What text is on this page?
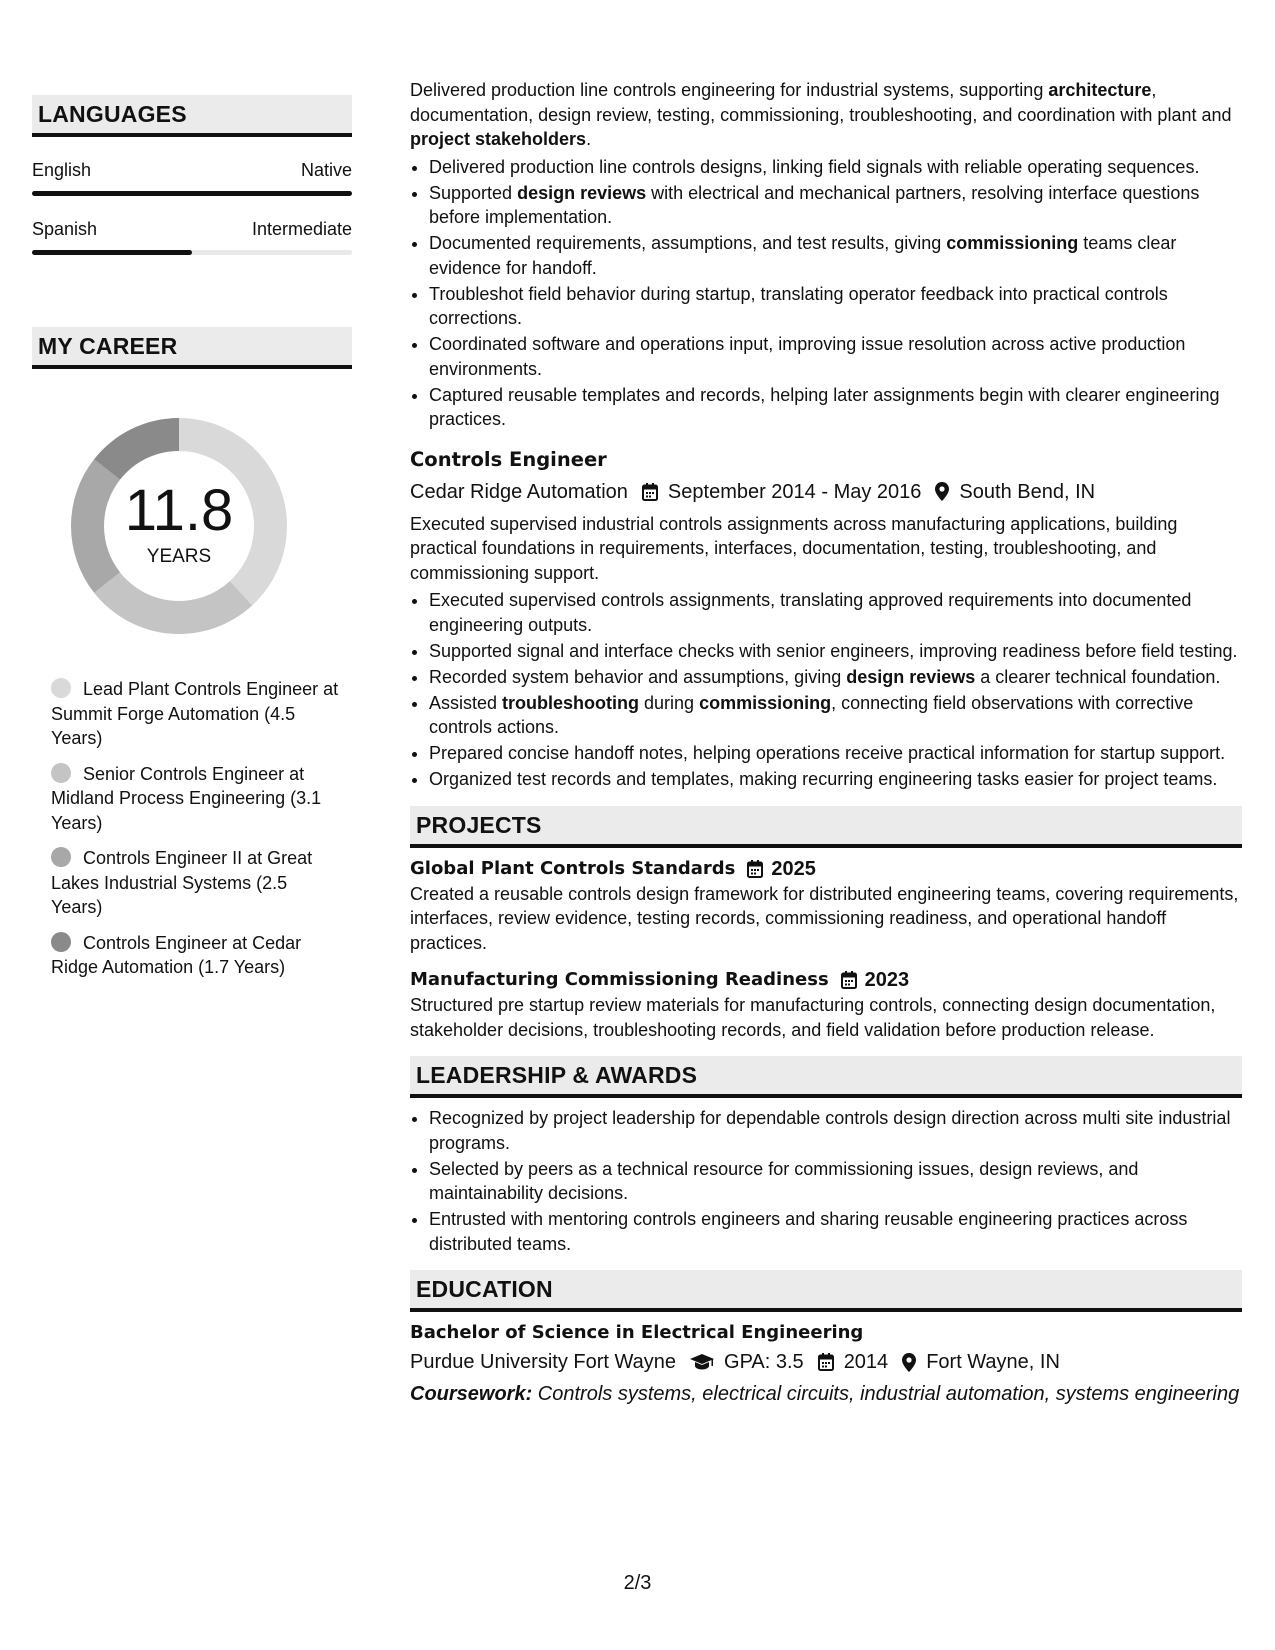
LANGUAGES
English	Native
Spanish	Intermediate
MY CAREER
11.8
YEARS
Lead Plant Controls Engineer at Summit Forge Automation (4.5 Years)
Senior Controls Engineer at Midland Process Engineering (3.1 Years)
Controls Engineer II at Great Lakes Industrial Systems (2.5 Years)
Controls Engineer at Cedar Ridge Automation (1.7 Years)

Delivered production line controls engineering for industrial systems, supporting architecture, documentation, design review, testing, commissioning, troubleshooting, and coordination with plant and project stakeholders.

• Delivered production line controls designs, linking field signals with reliable operating sequences.
• Supported design reviews with electrical and mechanical partners, resolving interface questions before implementation.
• Documented requirements, assumptions, and test results, giving commissioning teams clear evidence for handoff.
• Troubleshot field behavior during startup, translating operator feedback into practical controls corrections.
• Coordinated software and operations input, improving issue resolution across active production environments.
• Captured reusable templates and records, helping later assignments begin with clearer engineering practices.
Controls Engineer
Cedar Ridge Automation September 2014 - May 2016 South Bend, IN

Executed supervised industrial controls assignments across manufacturing applications, building practical foundations in requirements, interfaces, documentation, testing, troubleshooting, and commissioning support.

• Executed supervised controls assignments, translating approved requirements into documented engineering outputs.
• Supported signal and interface checks with senior engineers, improving readiness before field testing.
• Recorded system behavior and assumptions, giving design reviews a clearer technical foundation.
• Assisted troubleshooting during commissioning, connecting field observations with corrective controls actions.
• Prepared concise handoff notes, helping operations receive practical information for startup support.
• Organized test records and templates, making recurring engineering tasks easier for project teams.
PROJECTS
Global Plant Controls Standards 2025

Created a reusable controls design framework for distributed engineering teams, covering requirements, interfaces, review evidence, testing records, commissioning readiness, and operational handoff practices.

Manufacturing Commissioning Readiness 2023

Structured pre startup review materials for manufacturing controls, connecting design documentation, stakeholder decisions, troubleshooting records, and field validation before production release.

LEADERSHIP & AWARDS
• Recognized by project leadership for dependable controls design direction across multi site industrial programs.
• Selected by peers as a technical resource for commissioning issues, design reviews, and maintainability decisions.
• Entrusted with mentoring controls engineers and sharing reusable engineering practices across distributed teams.
EDUCATION
Bachelor of Science in Electrical Engineering
Purdue University Fort Wayne GPA: 3.5 2014 Fort Wayne, IN
Coursework: Controls systems, electrical circuits, industrial automation, systems engineering
2/3
